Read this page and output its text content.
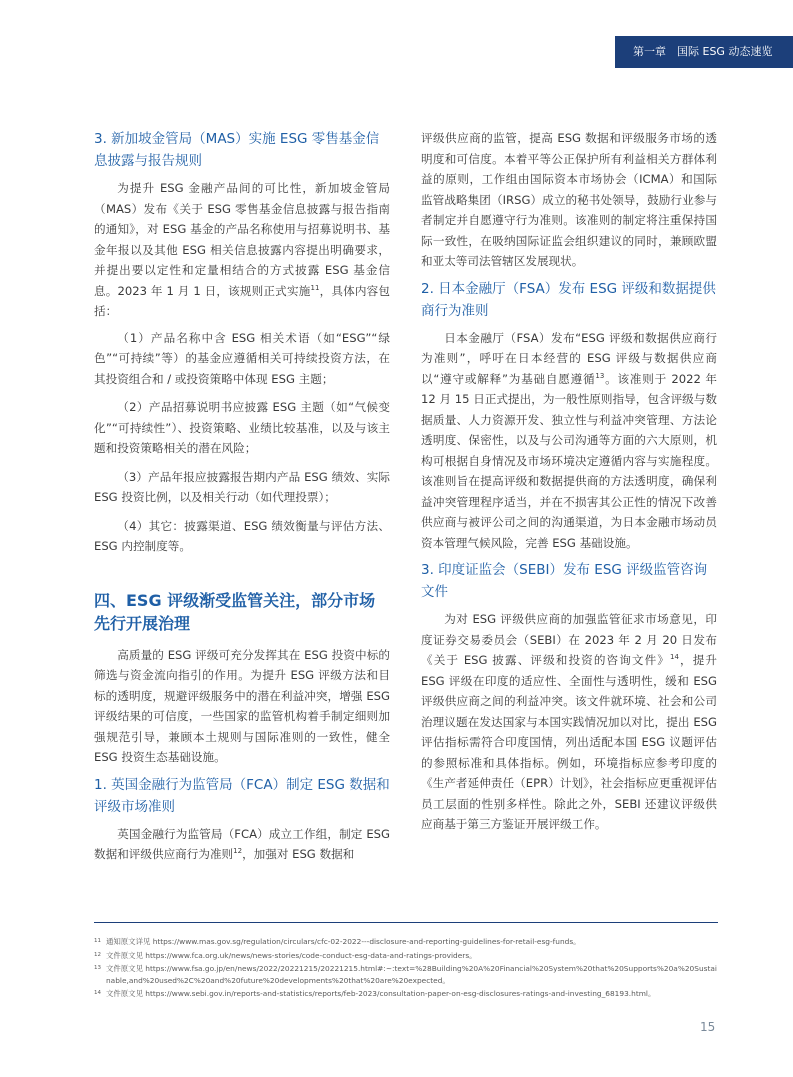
第一章　国际 ESG 动态速览
3. 新加坡金管局（MAS）实施 ESG 零售基金信息披露与报告规则

为提升 ESG 金融产品间的可比性，新加坡金管局（MAS）发布《关于 ESG 零售基金信息披露与报告指南的通知》，对 ESG 基金的产品名称使用与招募说明书、基金年报以及其他 ESG 相关信息披露内容提出明确要求，并提出要以定性和定量相结合的方式披露 ESG 基金信息。2023 年 1 月 1 日，该规则正式实施$^{11}$，具体内容包括：

（1）产品名称中含 ESG 相关术语（如“ESG”“绿色”“可持续”等）的基金应遵循相关可持续投资方法，在其投资组合和 / 或投资策略中体现 ESG 主题；

（2）产品招募说明书应披露 ESG 主题（如“气候变化”“可持续性”）、投资策略、业绩比较基准，以及与该主题和投资策略相关的潜在风险；

（3）产品年报应披露报告期内产品 ESG 绩效、实际 ESG 投资比例，以及相关行动（如代理投票）；

（4）其它：披露渠道、ESG 绩效衡量与评估方法、ESG 内控制度等。

四、ESG 评级渐受监管关注，部分市场先行开展治理

高质量的 ESG 评级可充分发挥其在 ESG 投资中标的筛选与资金流向指引的作用。为提升 ESG 评级方法和目标的透明度，规避评级服务中的潜在利益冲突，增强 ESG 评级结果的可信度，一些国家的监管机构着手制定细则加强规范引导，兼顾本土规则与国际准则的一致性，健全 ESG 投资生态基础设施。

1. 英国金融行为监管局（FCA）制定 ESG 数据和评级市场准则

英国金融行为监管局（FCA）成立工作组，制定 ESG 数据和评级供应商行为准则$^{12}$，加强对 ESG 数据和

评级供应商的监管，提高 ESG 数据和评级服务市场的透明度和可信度。本着平等公正保护所有利益相关方群体利益的原则，工作组由国际资本市场协会（ICMA）和国际监管战略集团（IRSG）成立的秘书处领导，鼓励行业参与者制定并自愿遵守行为准则。该准则的制定将注重保持国际一致性，在吸纳国际证监会组织建议的同时，兼顾欧盟和亚太等司法管辖区发展现状。

2. 日本金融厅（FSA）发布 ESG 评级和数据提供商行为准则

日本金融厅（FSA）发布“ESG 评级和数据供应商行为准则”，呼吁在日本经营的 ESG 评级与数据供应商以“遵守或解释”为基础自愿遵循$^{13}$。该准则于 2022 年 12 月 15 日正式提出，为一般性原则指导，包含评级与数据质量、人力资源开发、独立性与利益冲突管理、方法论透明度、保密性，以及与公司沟通等方面的六大原则，机构可根据自身情况及市场环境决定遵循内容与实施程度。该准则旨在提高评级和数据提供商的方法透明度，确保利益冲突管理程序适当，并在不损害其公正性的情况下改善供应商与被评公司之间的沟通渠道，为日本金融市场动员资本管理气候风险，完善 ESG 基础设施。

3. 印度证监会（SEBI）发布 ESG 评级监管咨询文件

为对 ESG 评级供应商的加强监管征求市场意见，印度证券交易委员会（SEBI）在 2023 年 2 月 20 日发布《关于 ESG 披露、评级和投资的咨询文件》$^{14}$，提升 ESG 评级在印度的适应性、全面性与透明性，缓和 ESG 评级供应商之间的利益冲突。该文件就环境、社会和公司治理议题在发达国家与本国实践情况加以对比，提出 ESG 评估指标需符合印度国情，列出适配本国 ESG 议题评估的参照标准和具体指标。例如，环境指标应参考印度的《生产者延伸责任（EPR）计划》，社会指标应更重视评估员工层面的性别多样性。除此之外，SEBI 还建议评级供应商基于第三方鉴证开展评级工作。

11 通知原文详见 https://www.mas.gov.sg/regulation/circulars/cfc-02-2022---disclosure-and-reporting-guidelines-for-retail-esg-funds。
12 文件原文见 https://www.fca.org.uk/news/news-stories/code-conduct-esg-data-and-ratings-providers。
13 文件原文见 https://www.fsa.go.jp/en/news/2022/20221215/20221215.html#:~:text=%28Building%20A%20Financial%20System%20that%20Supports%20a%20Sustainable,and%20used%2C%20and%20future%20developments%20that%20are%20expected。
14 文件原文见 https://www.sebi.gov.in/reports-and-statistics/reports/feb-2023/consultation-paper-on-esg-disclosures-ratings-and-investing_68193.html。
15
